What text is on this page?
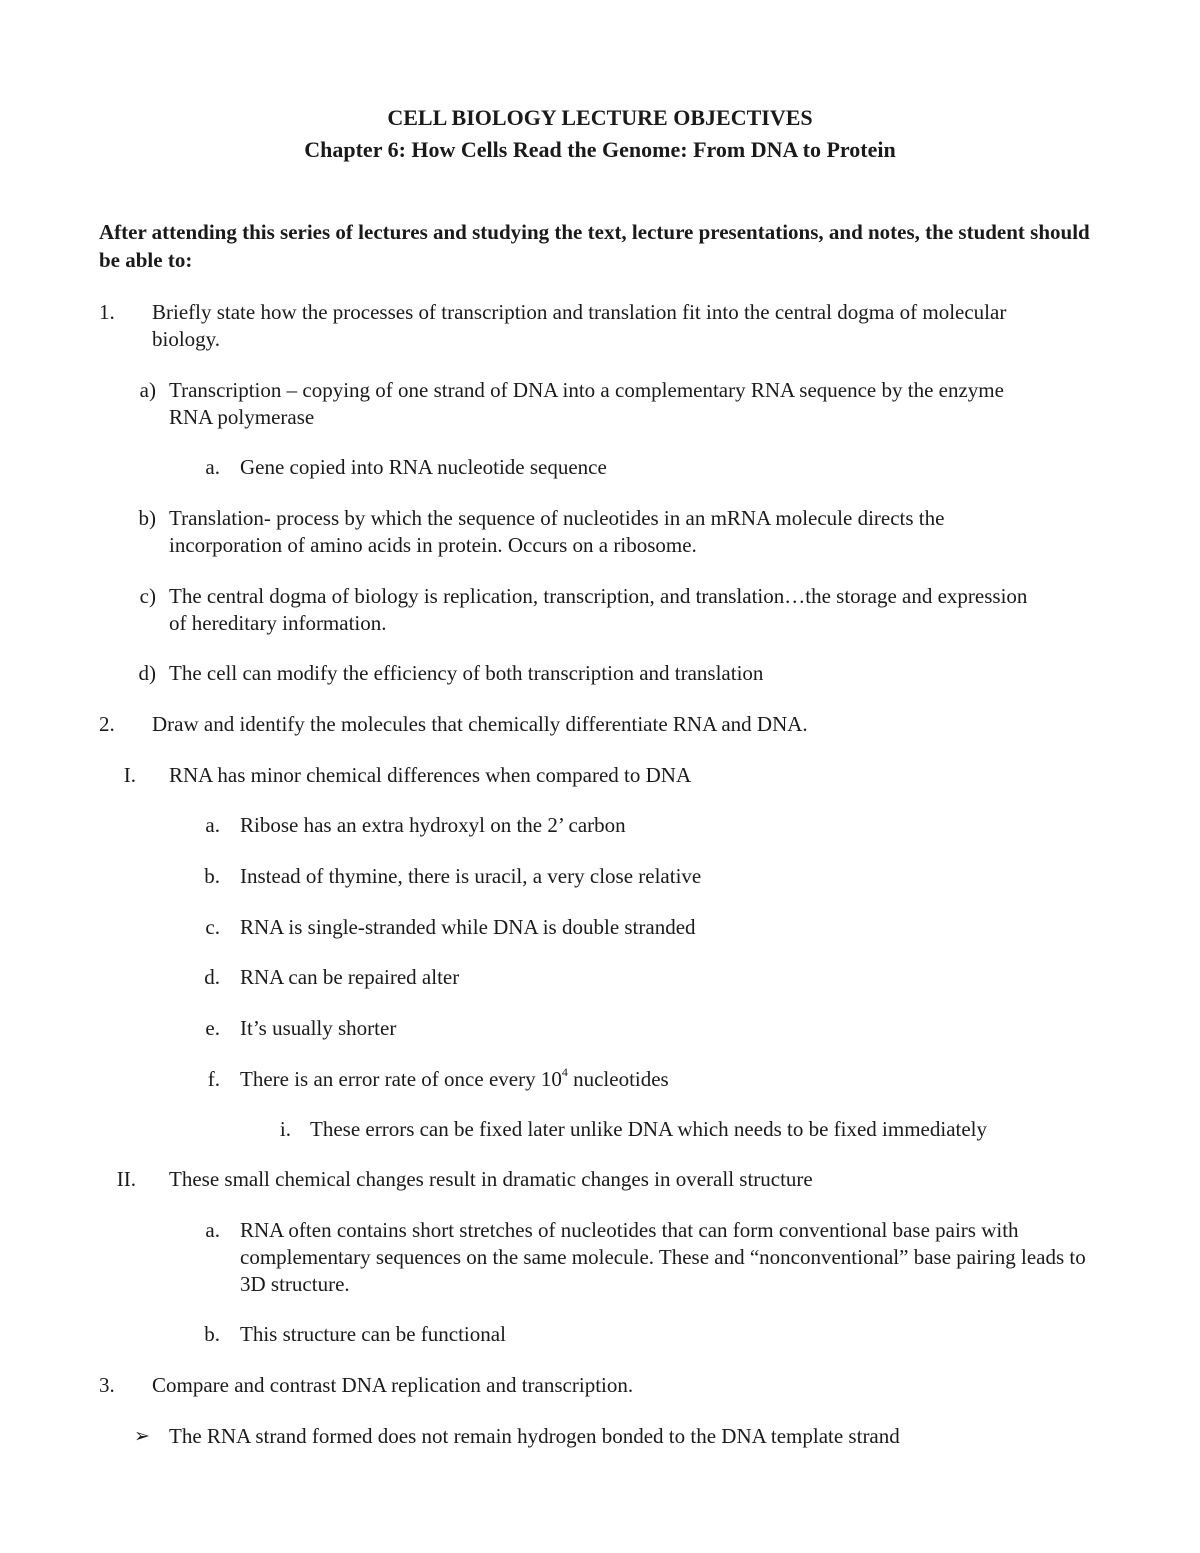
CELL BIOLOGY LECTURE OBJECTIVES
Chapter 6: How Cells Read the Genome: From DNA to Protein
After attending this series of lectures and studying the text, lecture presentations, and notes, the student should be able to:
1. Briefly state how the processes of transcription and translation fit into the central dogma of molecular biology.
a) Transcription – copying of one strand of DNA into a complementary RNA sequence by the enzyme RNA polymerase
a. Gene copied into RNA nucleotide sequence
b) Translation- process by which the sequence of nucleotides in an mRNA molecule directs the incorporation of amino acids in protein. Occurs on a ribosome.
c) The central dogma of biology is replication, transcription, and translation…the storage and expression of hereditary information.
d) The cell can modify the efficiency of both transcription and translation
2. Draw and identify the molecules that chemically differentiate RNA and DNA.
I. RNA has minor chemical differences when compared to DNA
a. Ribose has an extra hydroxyl on the 2’ carbon
b. Instead of thymine, there is uracil, a very close relative
c. RNA is single-stranded while DNA is double stranded
d. RNA can be repaired alter
e. It’s usually shorter
f. There is an error rate of once every $10^4$ nucleotides
i. These errors can be fixed later unlike DNA which needs to be fixed immediately
II. These small chemical changes result in dramatic changes in overall structure
a. RNA often contains short stretches of nucleotides that can form conventional base pairs with complementary sequences on the same molecule. These and “nonconventional” base pairing leads to 3D structure.
b. This structure can be functional
3. Compare and contrast DNA replication and transcription.
➢ The RNA strand formed does not remain hydrogen bonded to the DNA template strand
